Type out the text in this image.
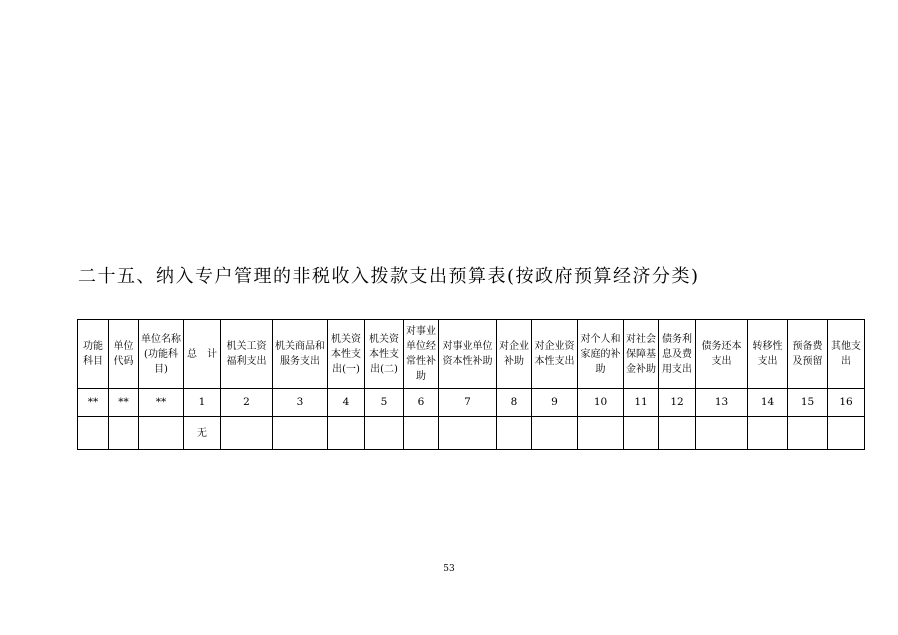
二十五、纳入专户管理的非税收入拨款支出预算表(按政府预算经济分类)
功能科目	单位代码	单位名称(功能科目)	总　计	机关工资福利支出	机关商品和服务支出	机关资本性支出(一)	机关资本性支出(二)	对事业单位经常性补助	对事业单位资本性补助	对企业补助	对企业资本性支出	对个人和家庭的补助	对社会保障基金补助	债务利息及费用支出	债务还本支出	转移性支出	预备费及预留	其他支出
**	**	**	1	2	3	4	5	6	7	8	9	10	11	12	13	14	15	16
			无															
53
